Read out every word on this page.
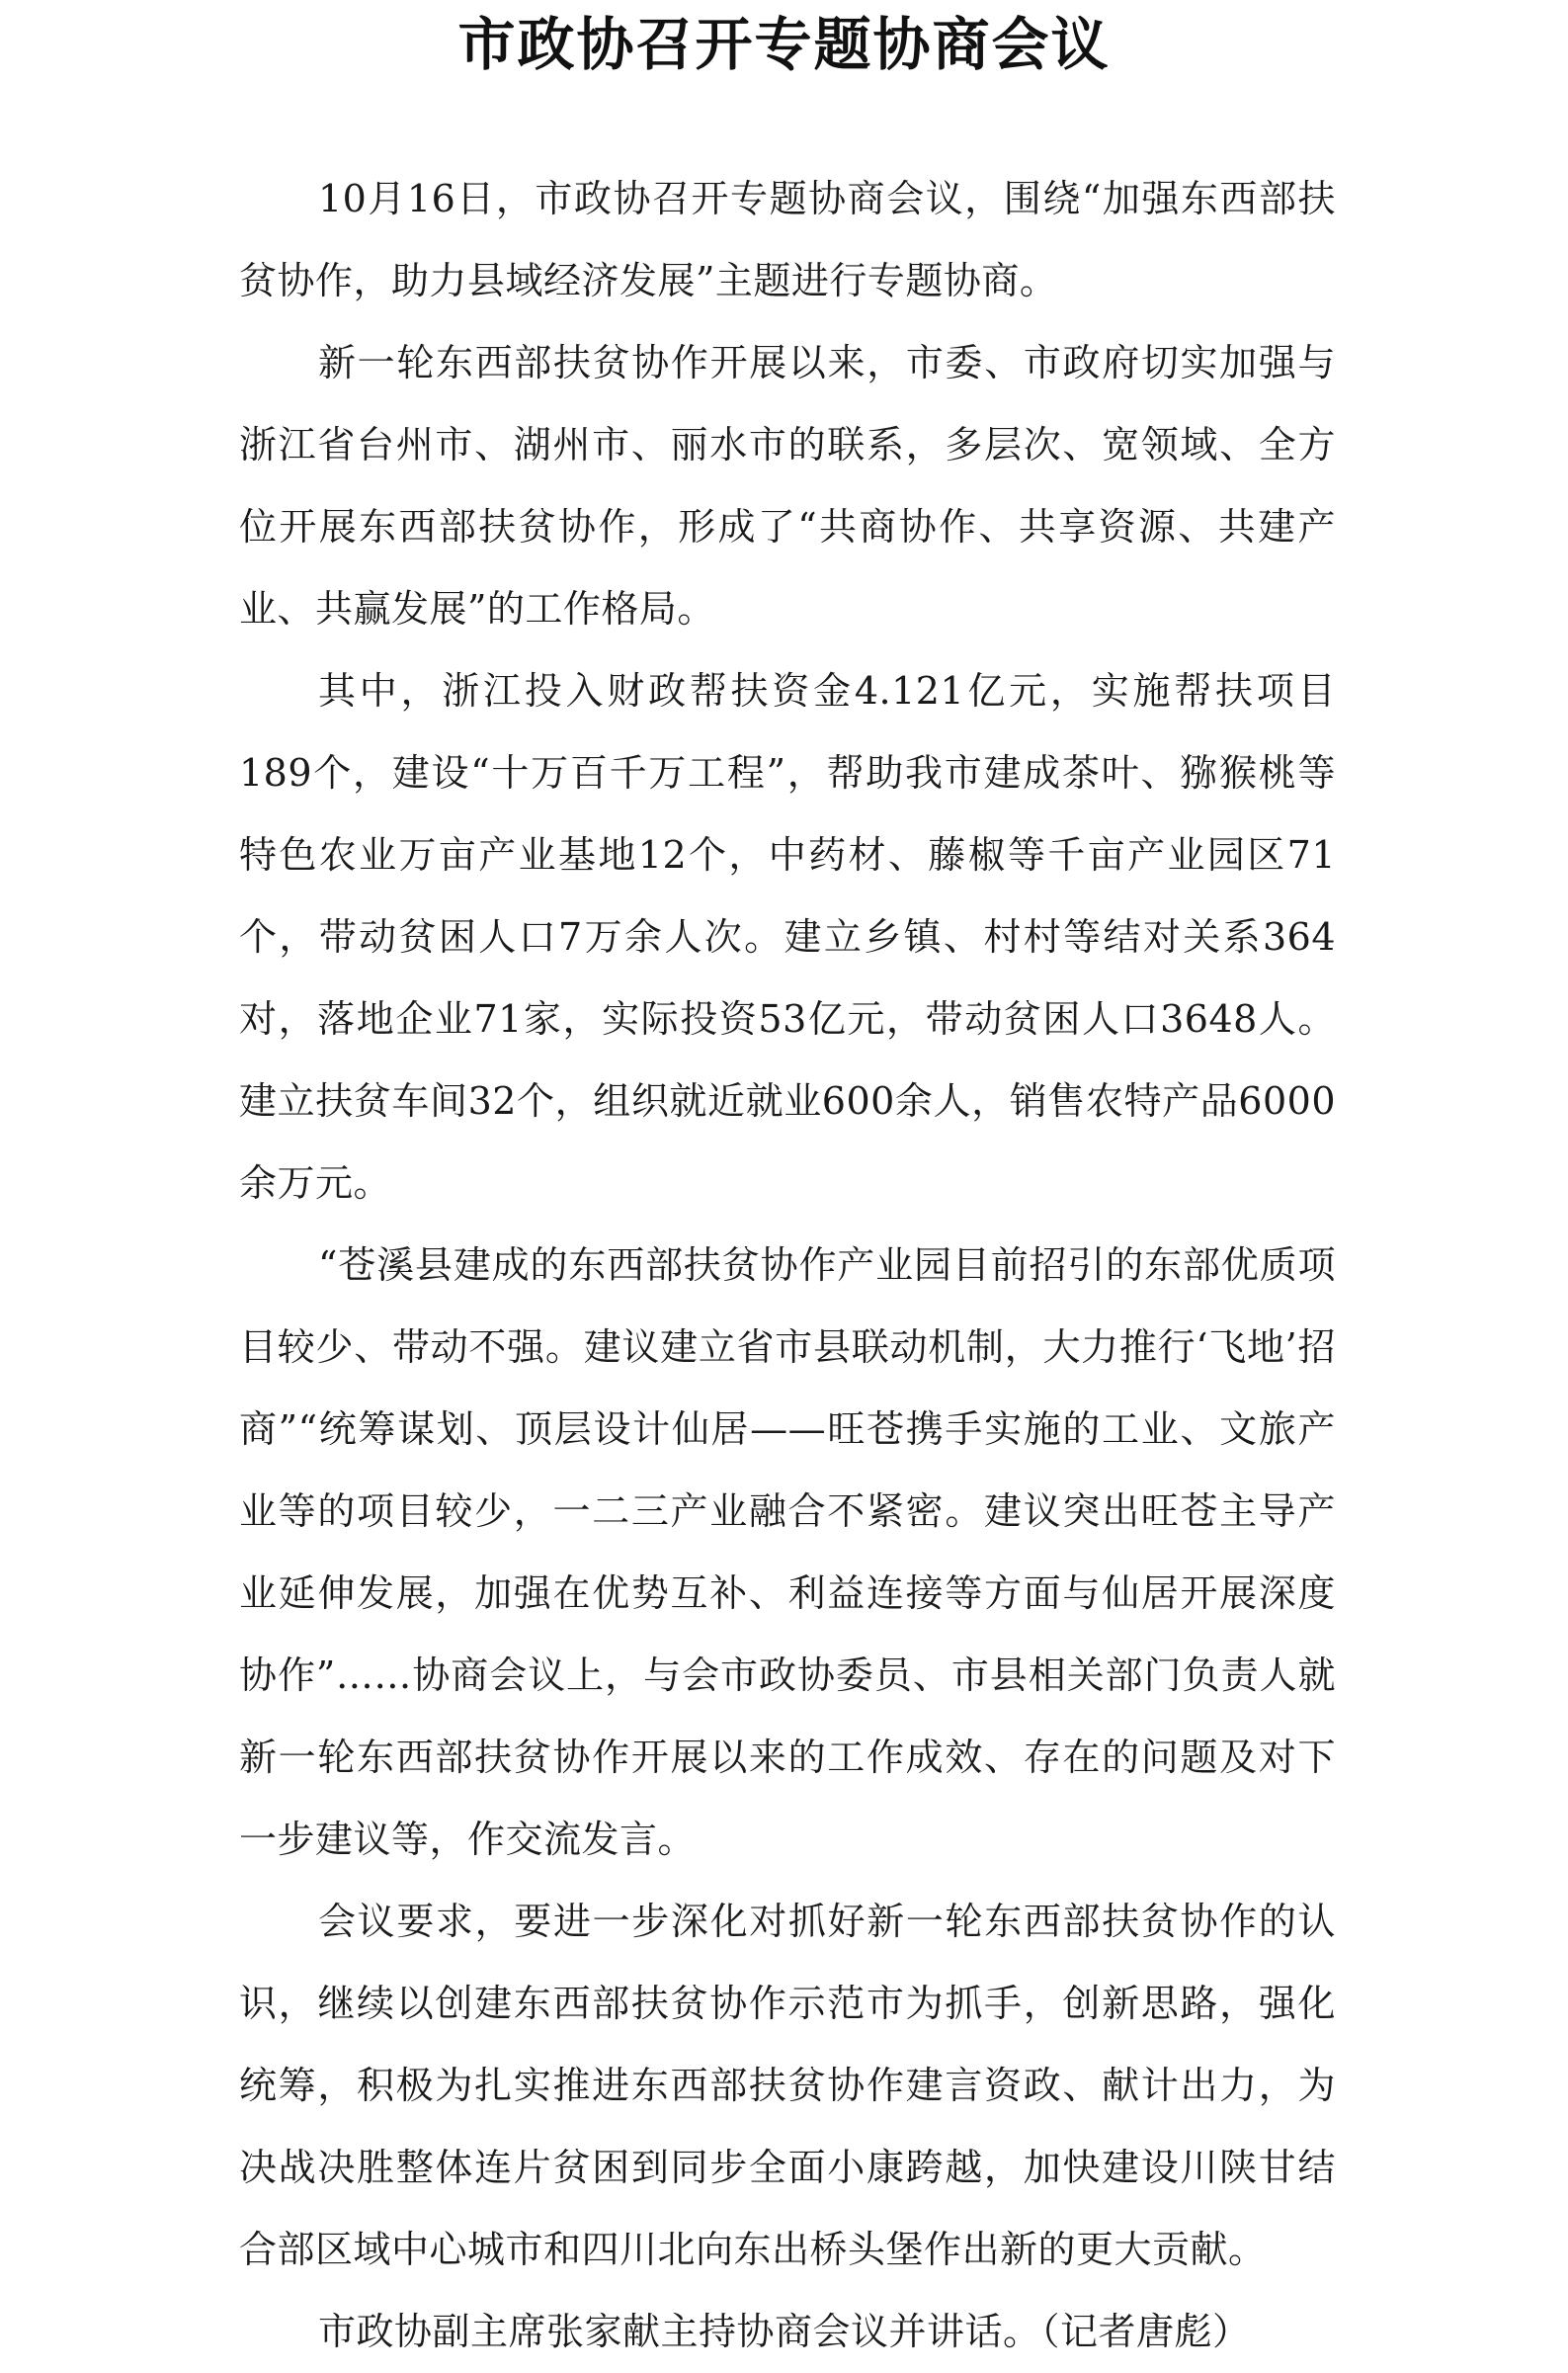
市政协召开专题协商会议

10月16日，市政协召开专题协商会议，围绕“加强东西部扶贫协作，助力县域经济发展”主题进行专题协商。

新一轮东西部扶贫协作开展以来，市委、市政府切实加强与浙江省台州市、湖州市、丽水市的联系，多层次、宽领域、全方位开展东西部扶贫协作，形成了“共商协作、共享资源、共建产业、共赢发展”的工作格局。

其中，浙江投入财政帮扶资金4.121亿元，实施帮扶项目189个，建设“十万百千万工程”，帮助我市建成茶叶、猕猴桃等特色农业万亩产业基地12个，中药材、藤椒等千亩产业园区71个，带动贫困人口7万余人次。建立乡镇、村村等结对关系364对，落地企业71家，实际投资53亿元，带动贫困人口3648人。建立扶贫车间32个，组织就近就业600余人，销售农特产品6000余万元。

“苍溪县建成的东西部扶贫协作产业园目前招引的东部优质项目较少、带动不强。建议建立省市县联动机制，大力推行‘飞地’招商”“统筹谋划、顶层设计仙居——旺苍携手实施的工业、文旅产业等的项目较少，一二三产业融合不紧密。建议突出旺苍主导产业延伸发展，加强在优势互补、利益连接等方面与仙居开展深度协作”……协商会议上，与会市政协委员、市县相关部门负责人就新一轮东西部扶贫协作开展以来的工作成效、存在的问题及对下一步建议等，作交流发言。

会议要求，要进一步深化对抓好新一轮东西部扶贫协作的认识，继续以创建东西部扶贫协作示范市为抓手，创新思路，强化统筹，积极为扎实推进东西部扶贫协作建言资政、献计出力，为决战决胜整体连片贫困到同步全面小康跨越，加快建设川陕甘结合部区域中心城市和四川北向东出桥头堡作出新的更大贡献。

市政协副主席张家献主持协商会议并讲话。（记者唐彪）
